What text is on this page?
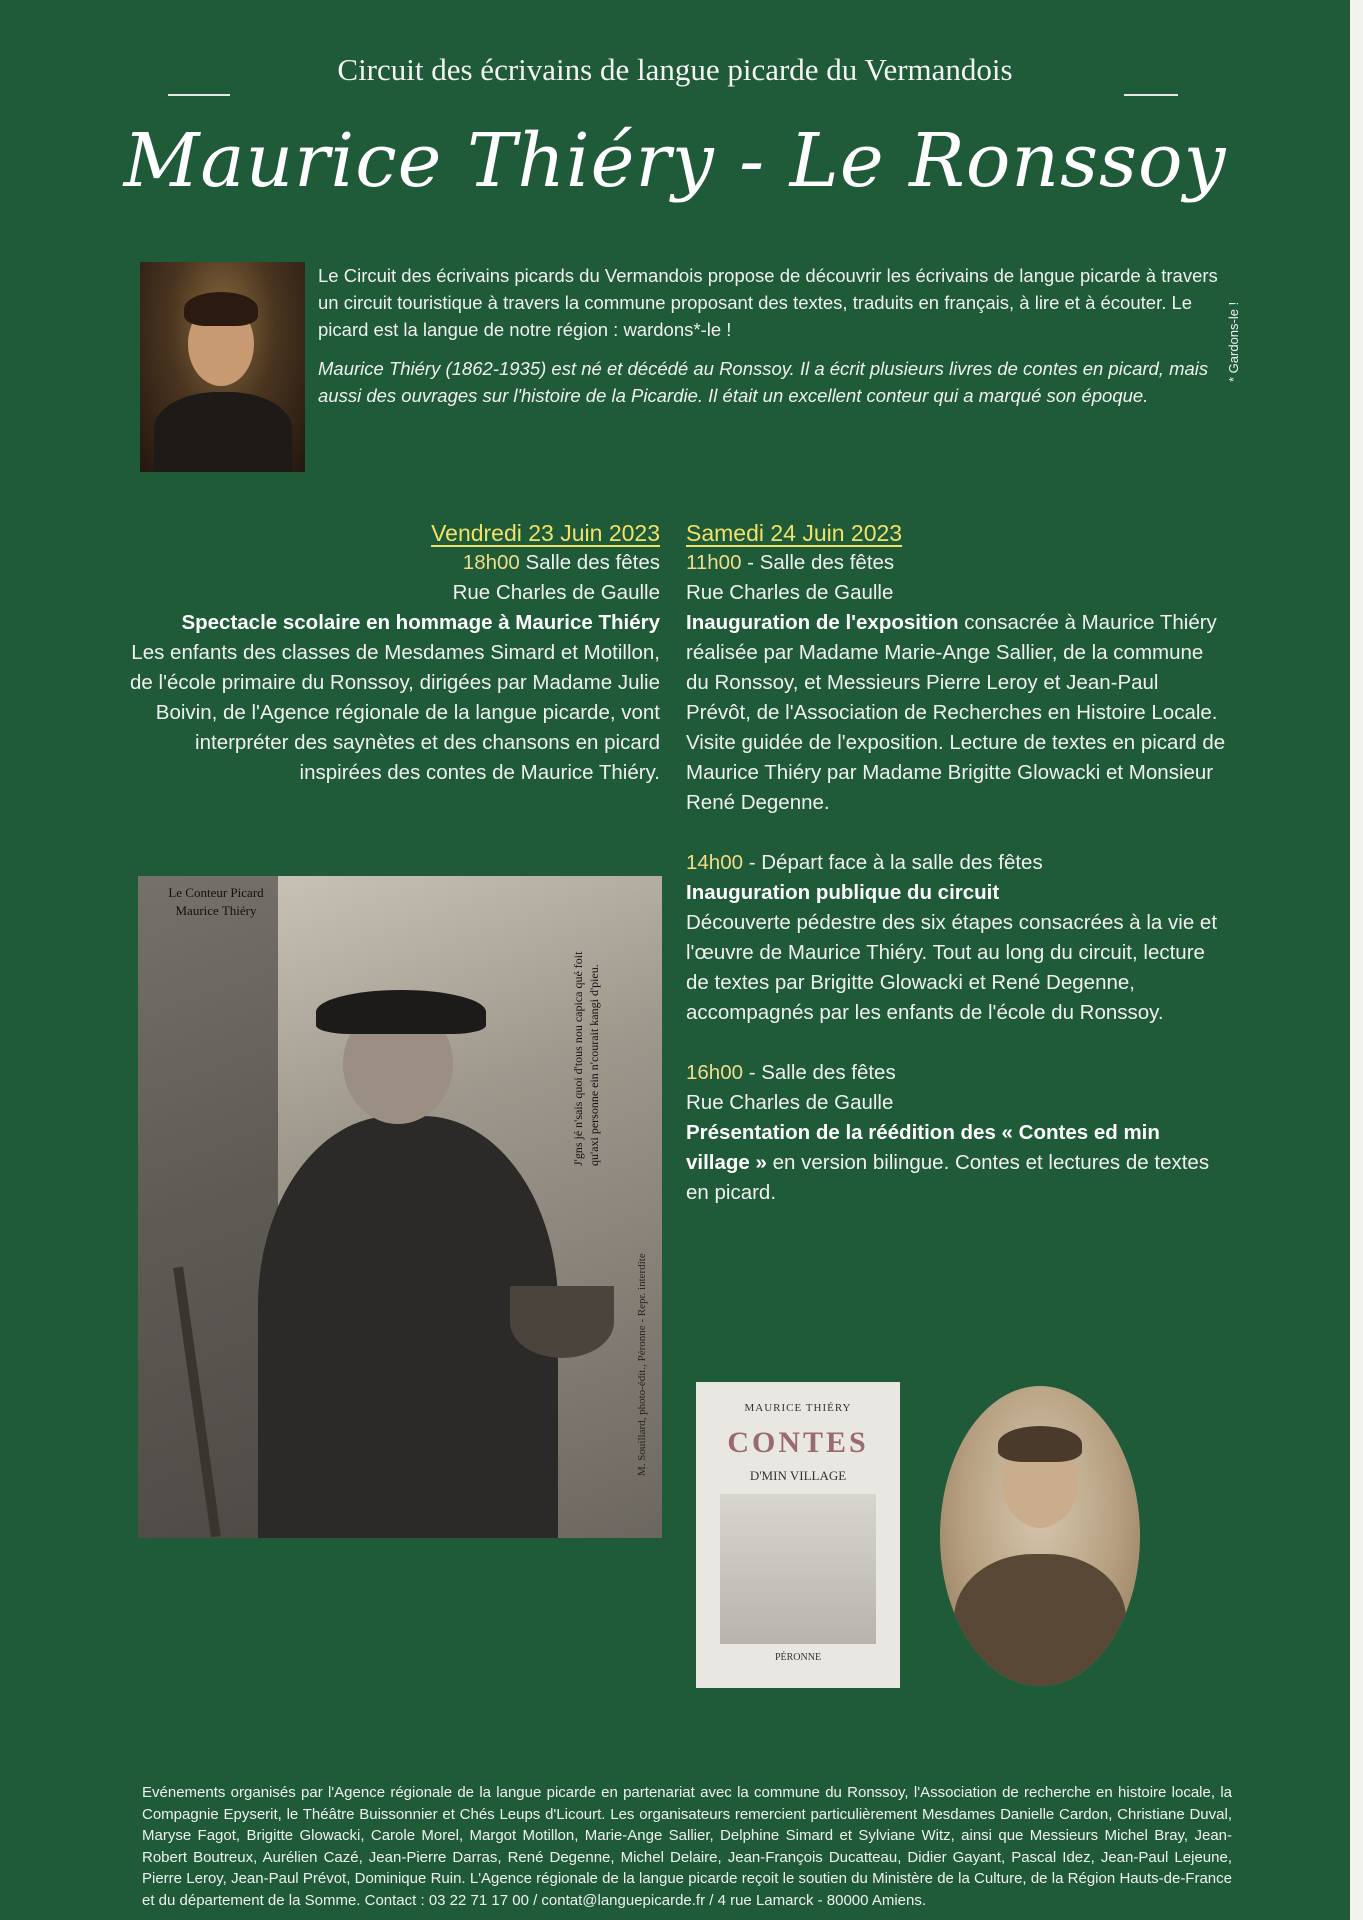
Circuit des écrivains de langue picarde du Vermandois
Maurice Thiéry - Le Ronssoy

Le Circuit des écrivains picards du Vermandois propose de découvrir les écrivains de langue picarde à travers un circuit touristique à travers la commune proposant des textes, traduits en français, à lire et à écouter. Le picard est la langue de notre région : wardons*-le !

Maurice Thiéry (1862-1935) est né et décédé au Ronssoy. Il a écrit plusieurs livres de contes en picard, mais aussi des ouvrages sur l'histoire de la Picardie. Il était un excellent conteur qui a marqué son époque.

* Gardons-le !
Vendredi 23 Juin 2023
18h00 Salle des fêtes
Rue Charles de Gaulle
Spectacle scolaire en hommage à Maurice Thiéry
Les enfants des classes de Mesdames Simard et Motillon, de l'école primaire du Ronssoy, dirigées par Madame Julie Boivin, de l'Agence régionale de la langue picarde, vont interpréter des saynètes et des chansons en picard inspirées des contes de Maurice Thiéry.
Samedi 24 Juin 2023
11h00 - Salle des fêtes
Rue Charles de Gaulle
Inauguration de l'exposition consacrée à Maurice Thiéry réalisée par Madame Marie-Ange Sallier, de la commune du Ronssoy, et Messieurs Pierre Leroy et Jean-Paul Prévôt, de l'Association de Recherches en Histoire Locale. Visite guidée de l'exposition. Lecture de textes en picard de Maurice Thiéry par Madame Brigitte Glowacki et Monsieur René Degenne.
14h00 - Départ face à la salle des fêtes
Inauguration publique du circuit
Découverte pédestre des six étapes consacrées à la vie et l'œuvre de Maurice Thiéry. Tout au long du circuit, lecture de textes par Brigitte Glowacki et René Degenne, accompagnés par les enfants de l'école du Ronssoy.
16h00 - Salle des fêtes
Rue Charles de Gaulle
Présentation de la réédition des « Contes ed min village » en version bilingue. Contes et lectures de textes en picard.
Le Conteur Picard Maurice Thiéry
J'gns jé n'sais quoi d'tous nou capica qué foit qu'axi personne ein n'courait kangi d'pieu.
M. Souillard, photo-édit., Péronne - Repr. interdite	MAURICE THIÉRY
CONTES
D'MIN VILLAGE
PÉRONNE
Evénements organisés par l'Agence régionale de la langue picarde en partenariat avec la commune du Ronssoy, l'Association de recherche en histoire locale, la Compagnie Epyserit, le Théâtre Buissonnier et Chés Leups d'Licourt. Les organisateurs remercient particulièrement Mesdames Danielle Cardon, Christiane Duval, Maryse Fagot, Brigitte Glowacki, Carole Morel, Margot Motillon, Marie-Ange Sallier, Delphine Simard et Sylviane Witz, ainsi que Messieurs Michel Bray, Jean-Robert Boutreux, Aurélien Cazé, Jean-Pierre Darras, René Degenne, Michel Delaire, Jean-François Ducatteau, Didier Gayant, Pascal Idez, Jean-Paul Lejeune, Pierre Leroy, Jean-Paul Prévot, Dominique Ruin. L'Agence régionale de la langue picarde reçoit le soutien du Ministère de la Culture, de la Région Hauts-de-France et du département de la Somme. Contact : 03 22 71 17 00 / contat@languepicarde.fr / 4 rue Lamarck - 80000 Amiens.
